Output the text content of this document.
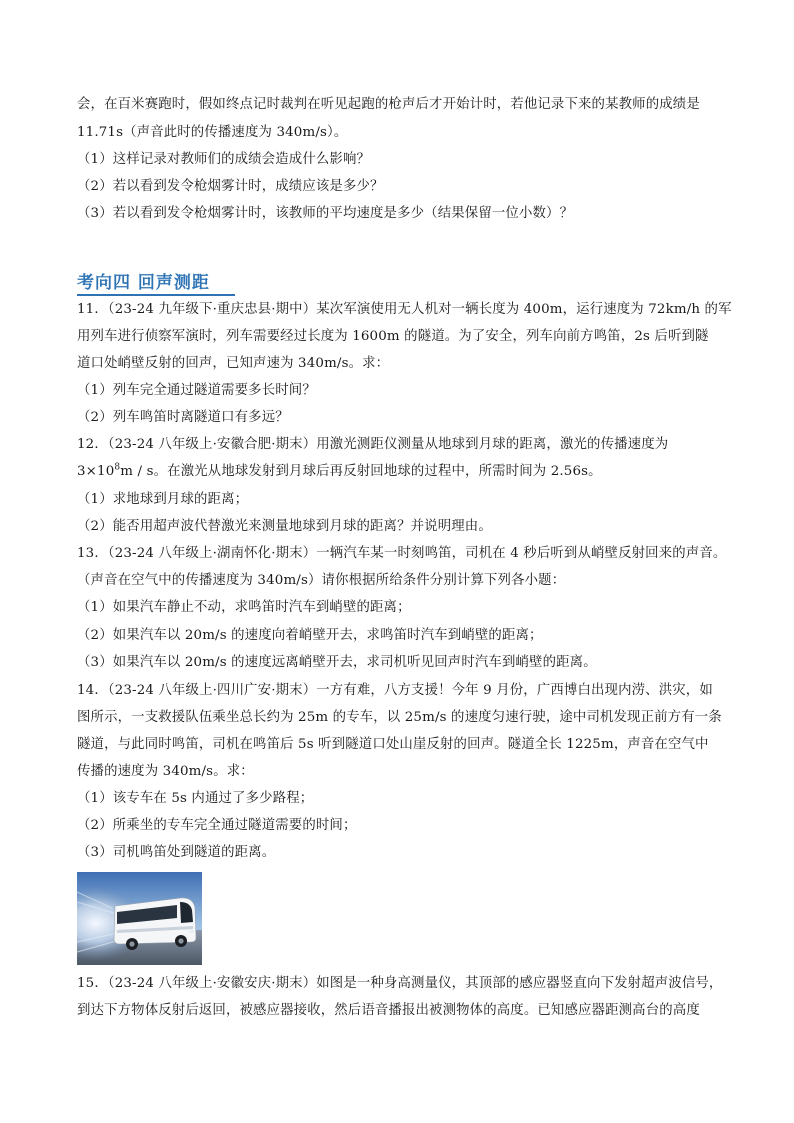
会，在百米赛跑时，假如终点记时裁判在听见起跑的枪声后才开始计时，若他记录下来的某教师的成绩是
11.71s（声音此时的传播速度为 340m/s）。
（1）这样记录对教师们的成绩会造成什么影响？
（2）若以看到发令枪烟雾计时，成绩应该是多少？
（3）若以看到发令枪烟雾计时，该教师的平均速度是多少（结果保留一位小数）？
考向四 回声测距
11．（23-24 九年级下·重庆忠县·期中）某次军演使用无人机对一辆长度为 400m，运行速度为 72km/h 的军
用列车进行侦察军演时，列车需要经过长度为 1600m 的隧道。为了安全，列车向前方鸣笛，2s 后听到隧
道口处峭壁反射的回声，已知声速为 340m/s。求：
（1）列车完全通过隧道需要多长时间？
（2）列车鸣笛时离隧道口有多远？
12．（23-24 八年级上·安徽合肥·期末）用激光测距仪测量从地球到月球的距离，激光的传播速度为
$3\times 10^8m / s$。在激光从地球发射到月球后再反射回地球的过程中，所需时间为 2.56s。
（1）求地球到月球的距离；
（2）能否用超声波代替激光来测量地球到月球的距离？并说明理由。
13．（23-24 八年级上·湖南怀化·期末）一辆汽车某一时刻鸣笛，司机在 4 秒后听到从峭壁反射回来的声音。
（声音在空气中的传播速度为 340m/s）请你根据所给条件分别计算下列各小题：
（1）如果汽车静止不动，求鸣笛时汽车到峭壁的距离；
（2）如果汽车以 20m/s 的速度向着峭壁开去，求鸣笛时汽车到峭壁的距离；
（3）如果汽车以 20m/s 的速度远离峭壁开去，求司机听见回声时汽车到峭壁的距离。
14．（23-24 八年级上·四川广安·期末）一方有难，八方支援！今年 9 月份，广西博白出现内涝、洪灾，如
图所示，一支救援队伍乘坐总长约为 25m 的专车，以 25m/s 的速度匀速行驶，途中司机发现正前方有一条
隧道，与此同时鸣笛，司机在鸣笛后 5s 听到隧道口处山崖反射的回声。隧道全长 1225m，声音在空气中
传播的速度为 340m/s。求：
（1）该专车在 5s 内通过了多少路程；
（2）所乘坐的专车完全通过隧道需要的时间；
（3）司机鸣笛处到隧道的距离。
15．（23-24 八年级上·安徽安庆·期末）如图是一种身高测量仪，其顶部的感应器竖直向下发射超声波信号，
到达下方物体反射后返回，被感应器接收，然后语音播报出被测物体的高度。已知感应器距测高台的高度
